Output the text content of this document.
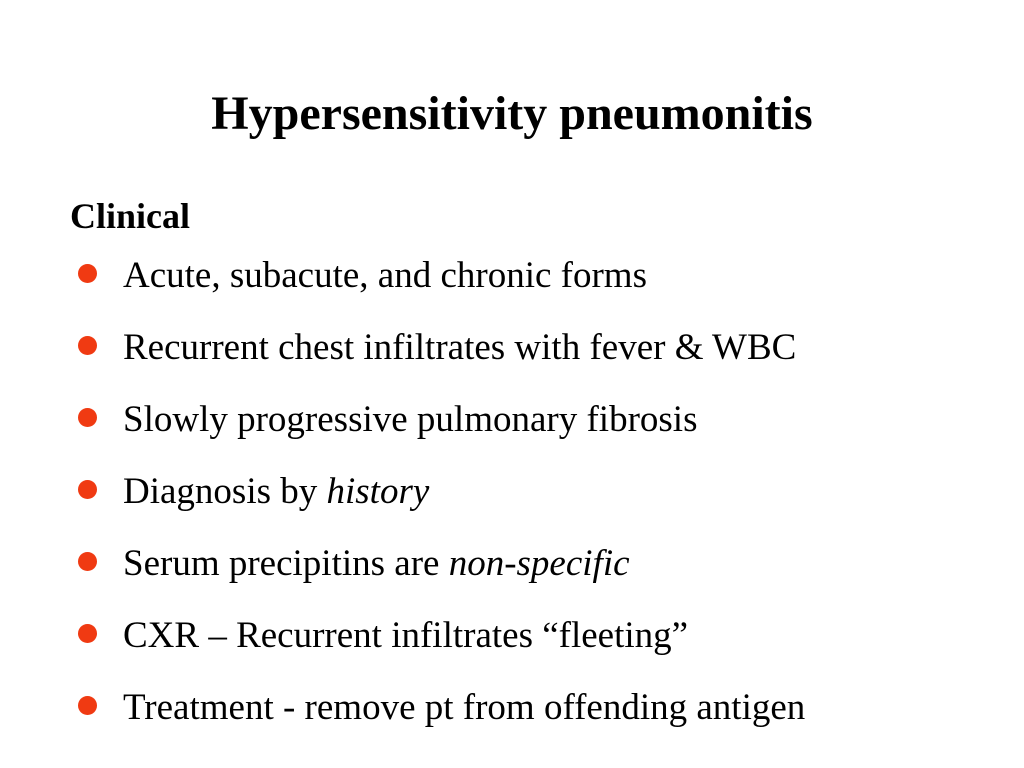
Hypersensitivity pneumonitis
Clinical
Acute, subacute, and chronic forms
Recurrent chest infiltrates with fever & WBC
Slowly progressive pulmonary fibrosis
Diagnosis by history
Serum precipitins are non-specific
CXR – Recurrent infiltrates “fleeting”
Treatment - remove pt from offending antigen
